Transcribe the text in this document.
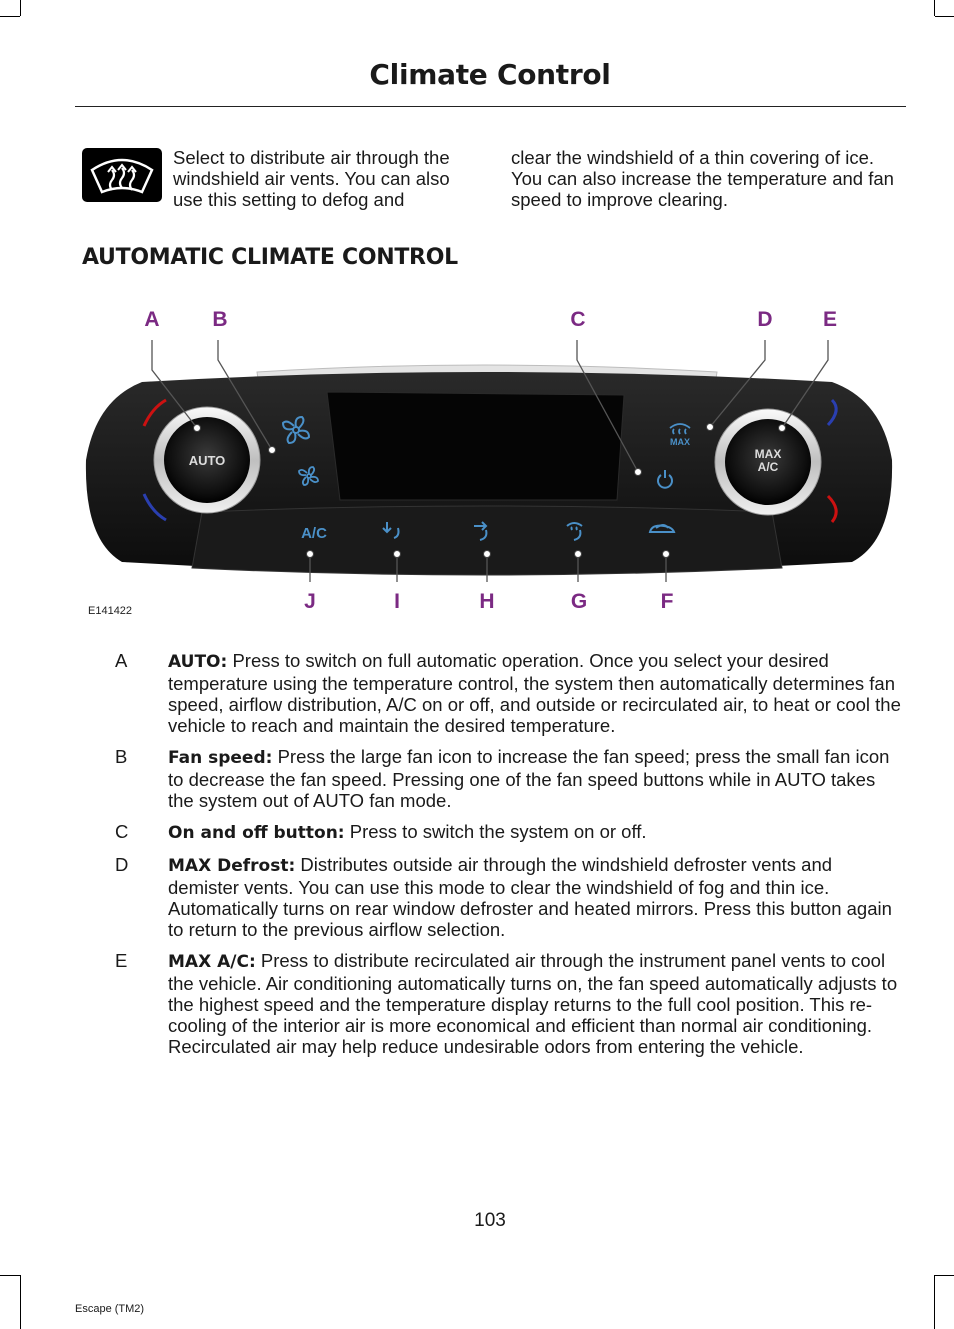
Climate Control
Select to distribute air through the windshield air vents. You can also use this setting to defog and
clear the windshield of a thin covering of ice. You can also increase the temperature and fan speed to improve clearing.
AUTOMATIC CLIMATE CONTROL
AUTO	MAX
A/C
MAX
A/C
A	B	C	D E
J	I	H	G	F
E141422
A AUTO: Press to switch on full automatic operation. Once you select your desired temperature using the temperature control, the system then automatically determines fan speed, airflow distribution, A/C on or off, and outside or recirculated air, to heat or cool the vehicle to reach and maintain the desired temperature.
B Fan speed: Press the large fan icon to increase the fan speed; press the small fan icon to decrease the fan speed. Pressing one of the fan speed buttons while in AUTO takes the system out of AUTO fan mode.
C On and off button: Press to switch the system on or off.
D MAX Defrost: Distributes outside air through the windshield defroster vents and demister vents. You can use this mode to clear the windshield of fog and thin ice. Automatically turns on rear window defroster and heated mirrors. Press this button again to return to the previous airflow selection.
E MAX A/C: Press to distribute recirculated air through the instrument panel vents to cool the vehicle. Air conditioning automatically turns on, the fan speed automatically adjusts to the highest speed and the temperature display returns to the full cool position. This re-cooling of the interior air is more economical and efficient than normal air conditioning. Recirculated air may help reduce undesirable odors from entering the vehicle.
103
Escape (TM2)
